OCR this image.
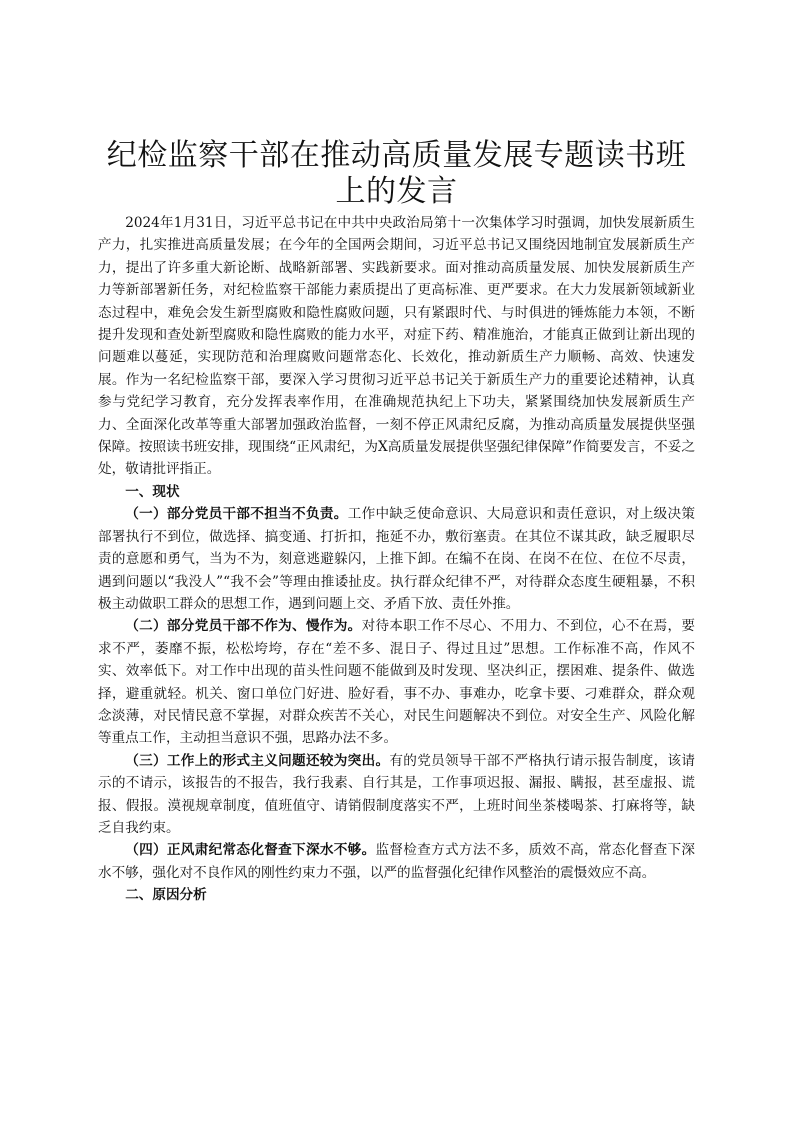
纪检监察干部在推动高质量发展专题读书班上的发言

2024年1月31日，习近平总书记在中共中央政治局第十一次集体学习时强调，加快发展新质生产力，扎实推进高质量发展；在今年的全国两会期间，习近平总书记又围绕因地制宜发展新质生产力，提出了许多重大新论断、战略新部署、实践新要求。面对推动高质量发展、加快发展新质生产力等新部署新任务，对纪检监察干部能力素质提出了更高标准、更严要求。在大力发展新领域新业态过程中，难免会发生新型腐败和隐性腐败问题，只有紧跟时代、与时俱进的锤炼能力本领，不断提升发现和查处新型腐败和隐性腐败的能力水平，对症下药、精准施治，才能真正做到让新出现的问题难以蔓延，实现防范和治理腐败问题常态化、长效化，推动新质生产力顺畅、高效、快速发展。作为一名纪检监察干部，要深入学习贯彻习近平总书记关于新质生产力的重要论述精神，认真参与党纪学习教育，充分发挥表率作用，在准确规范执纪上下功夫，紧紧围绕加快发展新质生产力、全面深化改革等重大部署加强政治监督，一刻不停正风肃纪反腐，为推动高质量发展提供坚强保障。按照读书班安排，现围绕“正风肃纪，为X高质量发展提供坚强纪律保障”作简要发言，不妥之处，敬请批评指正。

一、现状

（一）部分党员干部不担当不负责。工作中缺乏使命意识、大局意识和责任意识，对上级决策部署执行不到位，做选择、搞变通、打折扣，拖延不办，敷衍塞责。在其位不谋其政，缺乏履职尽责的意愿和勇气，当为不为，刻意逃避躲闪，上推下卸。在编不在岗、在岗不在位、在位不尽责，遇到问题以“我没人”“我不会”等理由推诿扯皮。执行群众纪律不严，对待群众态度生硬粗暴，不积极主动做职工群众的思想工作，遇到问题上交、矛盾下放、责任外推。

（二）部分党员干部不作为、慢作为。对待本职工作不尽心、不用力、不到位，心不在焉，要求不严，萎靡不振，松松垮垮，存在“差不多、混日子、得过且过”思想。工作标准不高，作风不实、效率低下。对工作中出现的苗头性问题不能做到及时发现、坚决纠正，摆困难、提条件、做选择，避重就轻。机关、窗口单位门好进、脸好看，事不办、事难办，吃拿卡要、刁难群众，群众观念淡薄，对民情民意不掌握，对群众疾苦不关心，对民生问题解决不到位。对安全生产、风险化解等重点工作，主动担当意识不强，思路办法不多。

（三）工作上的形式主义问题还较为突出。有的党员领导干部不严格执行请示报告制度，该请示的不请示，该报告的不报告，我行我素、自行其是，工作事项迟报、漏报、瞒报，甚至虚报、谎报、假报。漠视规章制度，值班值守、请销假制度落实不严，上班时间坐茶楼喝茶、打麻将等，缺乏自我约束。

（四）正风肃纪常态化督查下深水不够。监督检查方式方法不多，质效不高，常态化督查下深水不够，强化对不良作风的刚性约束力不强，以严的监督强化纪律作风整治的震慑效应不高。

二、原因分析
